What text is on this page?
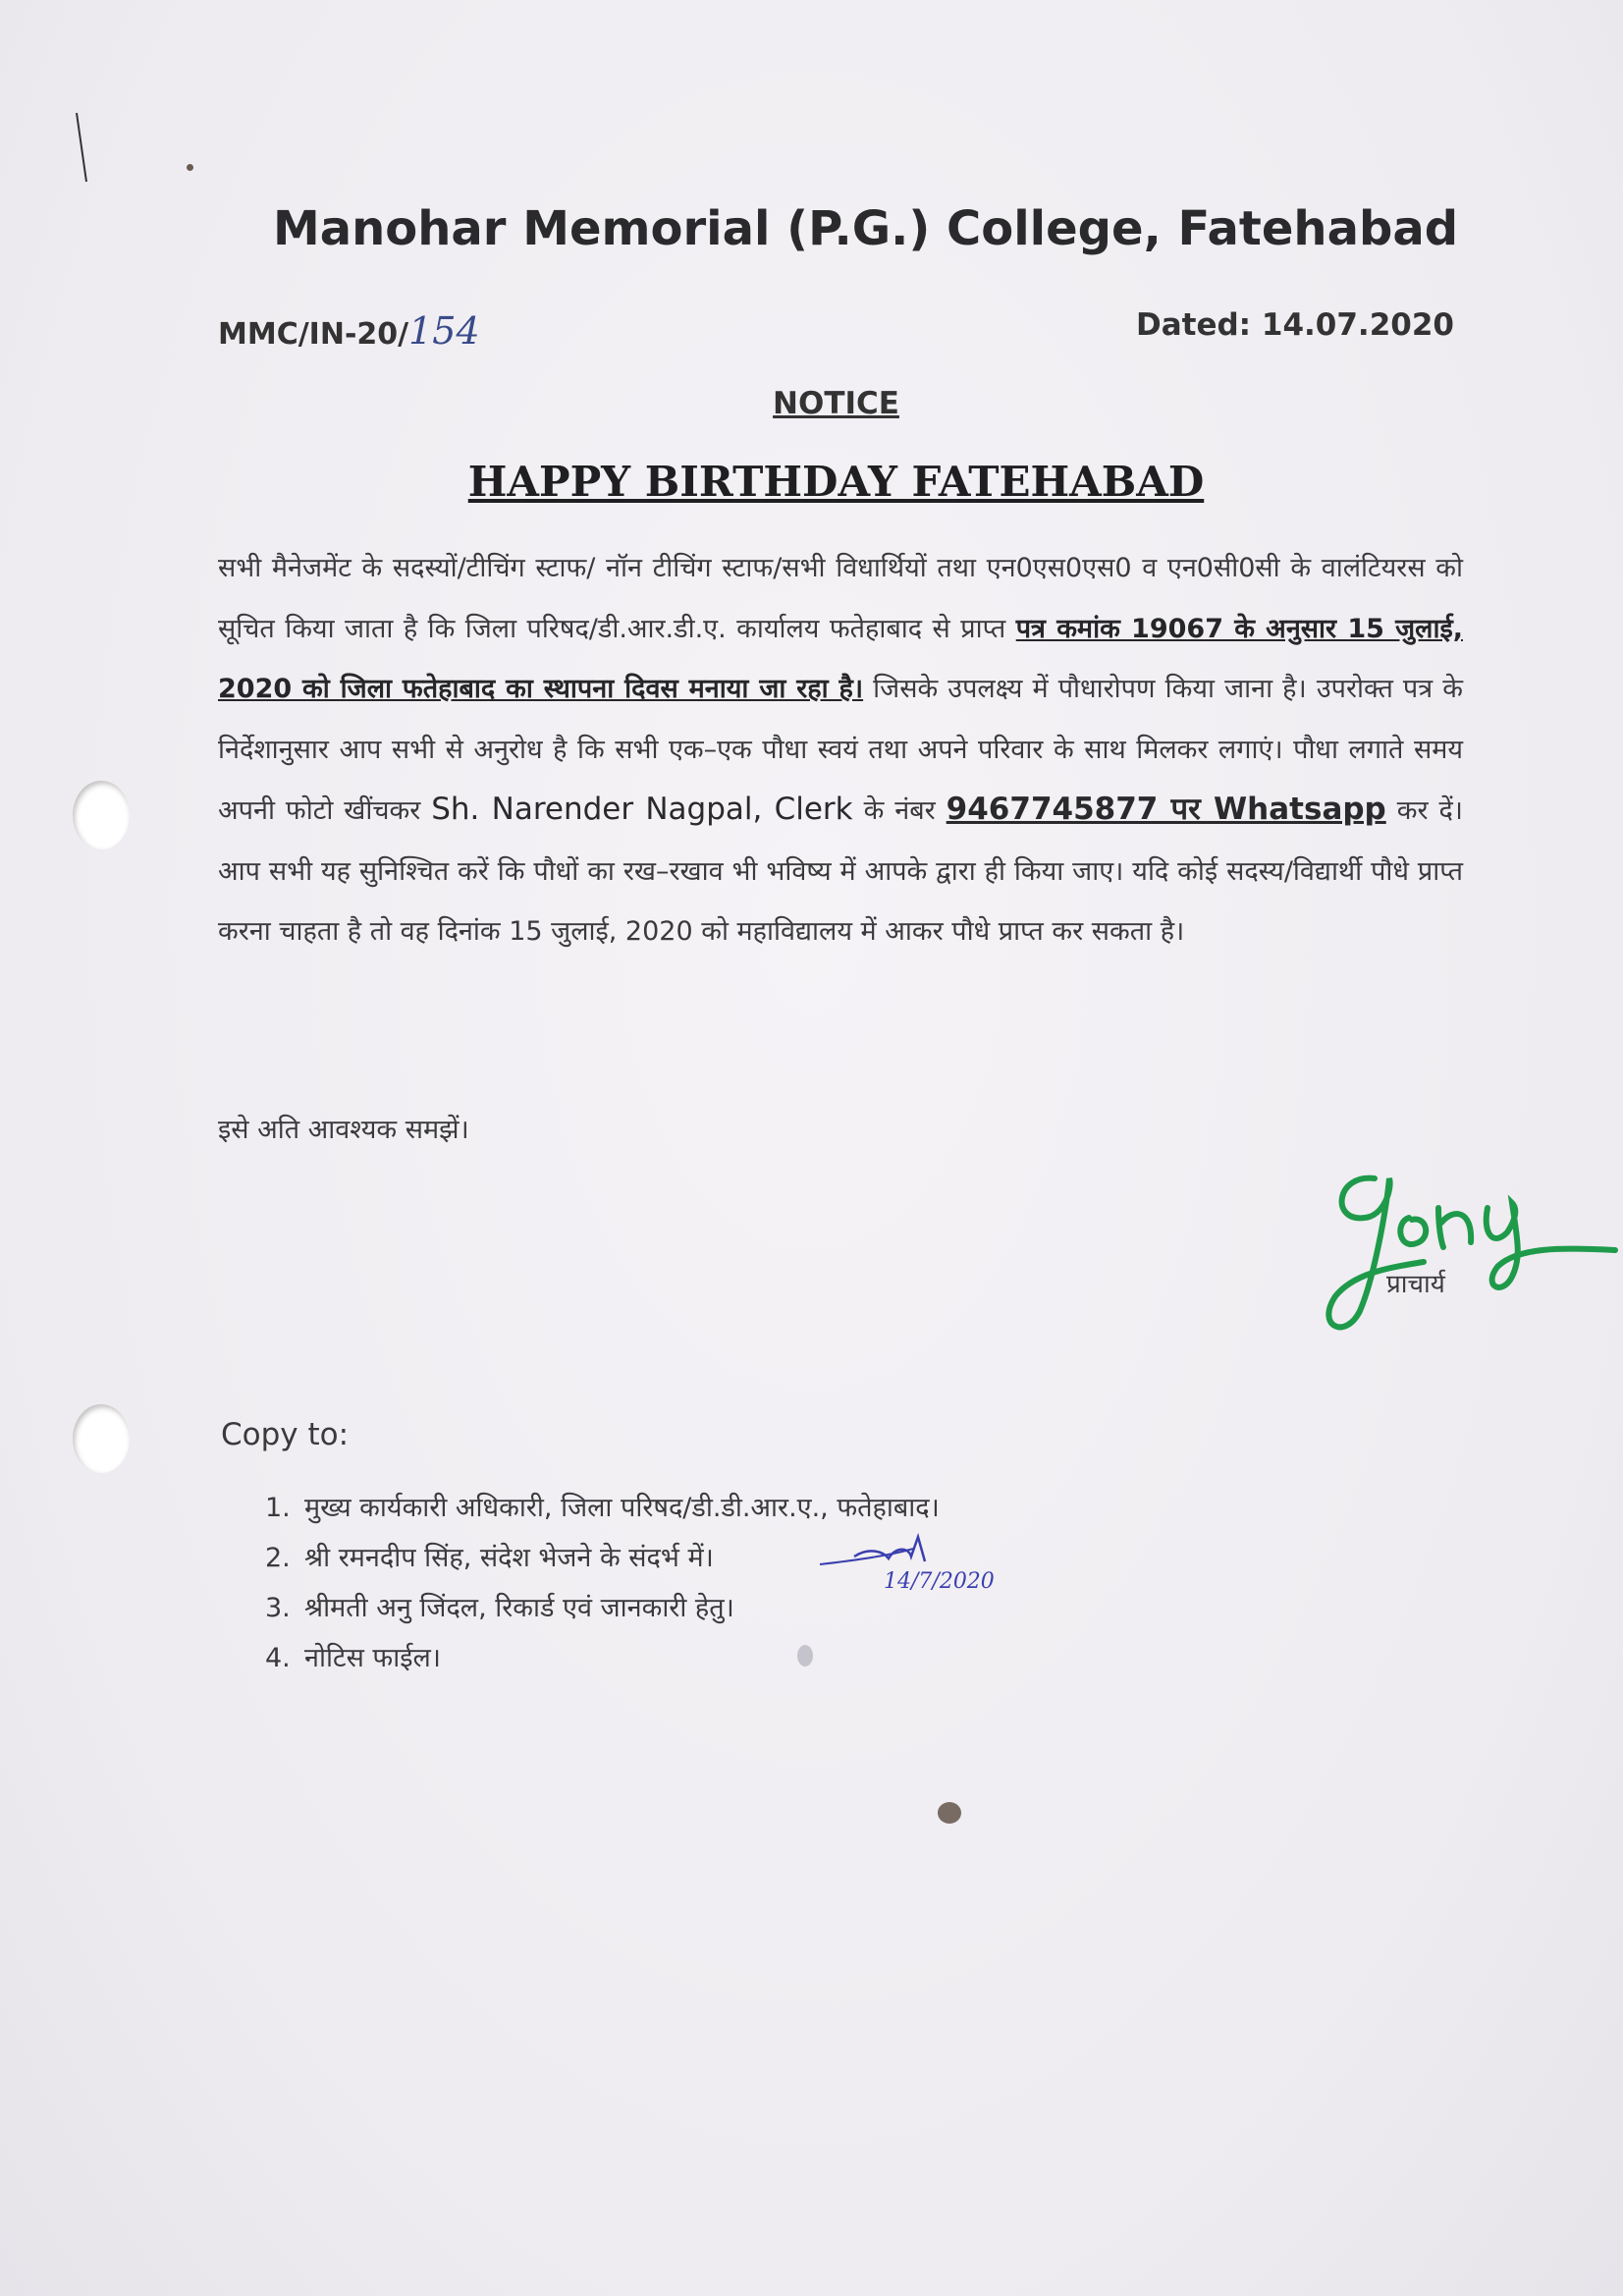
Manohar Memorial (P.G.) College, Fatehabad
MMC/IN-20/154	Dated: 14.07.2020
NOTICE
HAPPY BIRTHDAY FATEHABAD
सभी मैनेजमेंट के सदस्यों/टीचिंग स्टाफ/ नॉन टीचिंग स्टाफ/सभी विधार्थियों तथा एन0एस0एस0 व एन0सी0सी के वालंटियरस को सूचित किया जाता है कि जिला परिषद/डी.आर.डी.ए. कार्यालय फतेहाबाद से प्राप्त पत्र कमांक 19067 के अनुसार 15 जुलाई, 2020 को जिला फतेहाबाद का स्थापना दिवस मनाया जा रहा है। जिसके उपलक्ष्य में पौधारोपण किया जाना है। उपरोक्त पत्र के निर्देशानुसार आप सभी से अनुरोध है कि सभी एक–एक पौधा स्वयं तथा अपने परिवार के साथ मिलकर लगाएं। पौधा लगाते समय अपनी फोटो खींचकर Sh. Narender Nagpal, Clerk के नंबर 9467745877 पर Whatsapp कर दें। आप सभी यह सुनिश्चित करें कि पौधों का रख–रखाव भी भविष्य में आपके द्वारा ही किया जाए। यदि कोई सदस्य/विद्यार्थी पौधे प्राप्त करना चाहता है तो वह दिनांक 15 जुलाई, 2020 को महाविद्यालय में आकर पौधे प्राप्त कर सकता है।
इसे अति आवश्यक समझें।
प्राचार्य
Copy to:
1. मुख्य कार्यकारी अधिकारी, जिला परिषद/डी.डी.आर.ए., फतेहाबाद।
2. श्री रमनदीप सिंह, संदेश भेजने के संदर्भ में।
3. श्रीमती अनु जिंदल, रिकार्ड एवं जानकारी हेतु।
4. नोटिस फाईल।
14/7/2020
